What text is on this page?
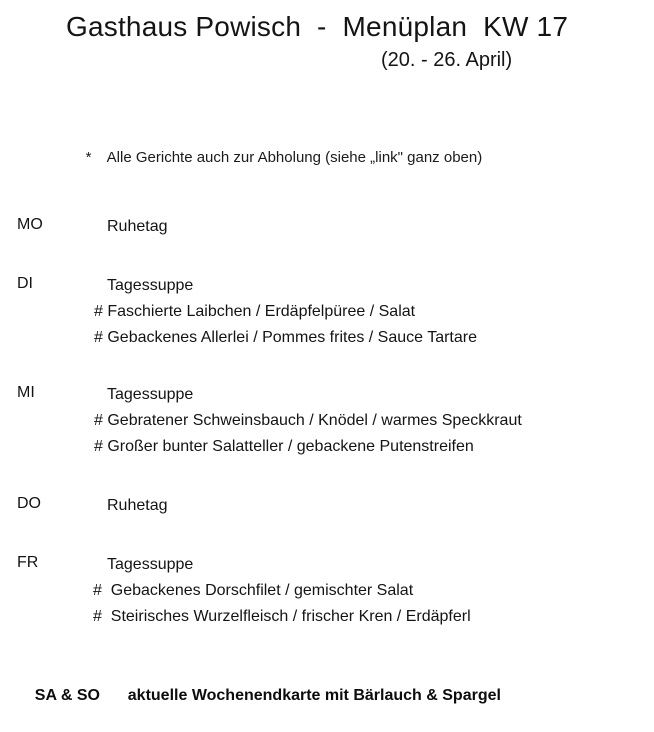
Gasthaus Powisch  -  Menüplan  KW 17
(20. - 26. April)

* Alle Gerichte auch zur Abholung (siehe „link" ganz oben)

MO	Ruhetag
DI	Tagessuppe
# Faschierte Laibchen / Erdäpfelpüree / Salat
# Gebackenes Allerlei / Pommes frites / Sauce Tartare
MI	Tagessuppe
# Gebratener Schweinsbauch / Knödel / warmes Speckkraut
# Großer bunter Salatteller / gebackene Putenstreifen
DO	Ruhetag
FR	Tagessuppe
#  Gebackenes Dorschfilet / gemischter Salat
#  Steirisches Wurzelfleisch / frischer Kren / Erdäpferl

SA & SO aktuelle Wochenendkarte mit Bärlauch & Spargel
